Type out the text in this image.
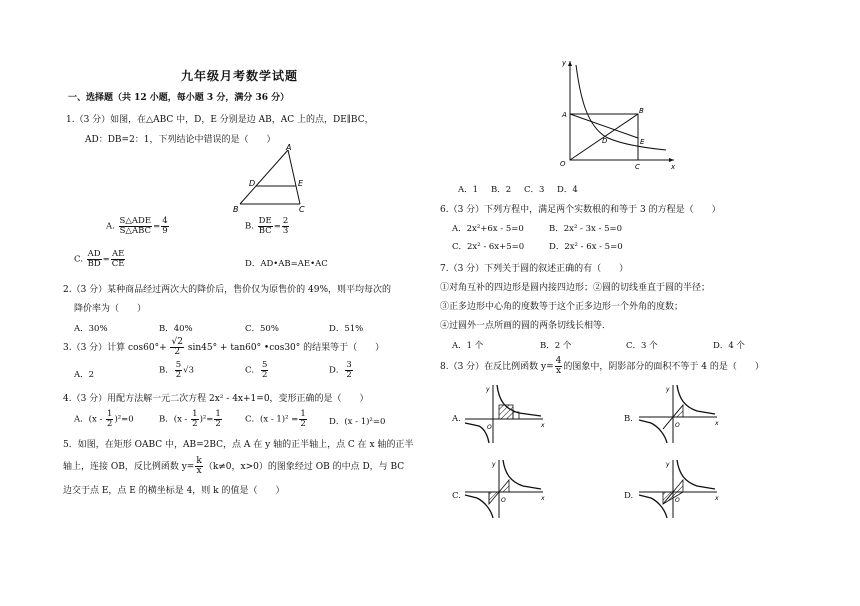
九年级月考数学试题
一、选择题（共 12 小题，每小题 3 分，满分 36 分）
1.（3 分）如图，在△ABC 中，D，E 分别是边 AB，AC 上的点，DE∥BC，
AD：DB=2：1，下列结论中错误的是（　　）
A
D	E
B	C
A. $\frac{\text{S△ADE}}{\text{S△ABC}} = \frac{4}{9}$	B. $\frac{DE}{BC} = \frac{2}{3}$
C. $\frac{AD}{BD} = \frac{AE}{CE}$	D．AD•AB=AE•AC
2.（3 分）某种商品经过两次大的降价后，售价仅为原售价的 49%，则平均每次的
降价率为（　　）
A．30%	B．40%	C．50%	D．51%
3.（3 分）计算 $\cos 60^\circ+ \frac{√2}{2} \sin 45^\circ + \tan 60^\circ$ •cos30° 的结果等于（　　）
A．2	B． $\frac{5}{2} √3$	C． $\frac{5}{2}$	D． $\frac{3}{2}$
4.（3 分）用配方法解一元二次方程 2x² - 4x+1=0，变形正确的是（　　）
A．$(x - \frac{1}{2} )^2=0$	B．$(x - \frac{1}{2} )^2= \frac{1}{2}$	C．$(x - 1)^2 = \frac{1}{2}$	D．(x - 1)²=0
5．如图，在矩形 OABC 中，AB=2BC，点 A 在 y 轴的正半轴上，点 C 在 x 轴的正半
轴上，连接 OB，反比例函数 $y= \frac{k}{x} (k\ne 0$，x>0）的图象经过 OB 的中点 D，与 BC
边交于点 E，点 E 的横坐标是 4，则 k 的值是（　　）
y
x
O
A	B
C
D	E
A．1 B．2 C．3 D．4
6.（3 分）下列方程中，满足两个实数根的和等于 3 的方程是（　　）
A．2x²+6x - 5=0	B．2x² - 3x - 5=0
C．2x² - 6x+5=0	D．2x² - 6x - 5=0
7.（3 分）下列关于圆的叙述正确的有（　　）
①对角互补的四边形是圆内接四边形；②圆的切线垂直于圆的半径；
③正多边形中心角的度数等于这个正多边形一个外角的度数；
④过圆外一点所画的圆的两条切线长相等．
A．1 个	B．2 个	C．3 个	D．4 个
8.（3 分）在反比例函数 $y= \frac{4}{x}$ 的图象中，阴影部分的面积不等于 4 的是（　　）
A.
y
x
O
B.
y
x
O
C.
y
x
O	D.
y
x
O
